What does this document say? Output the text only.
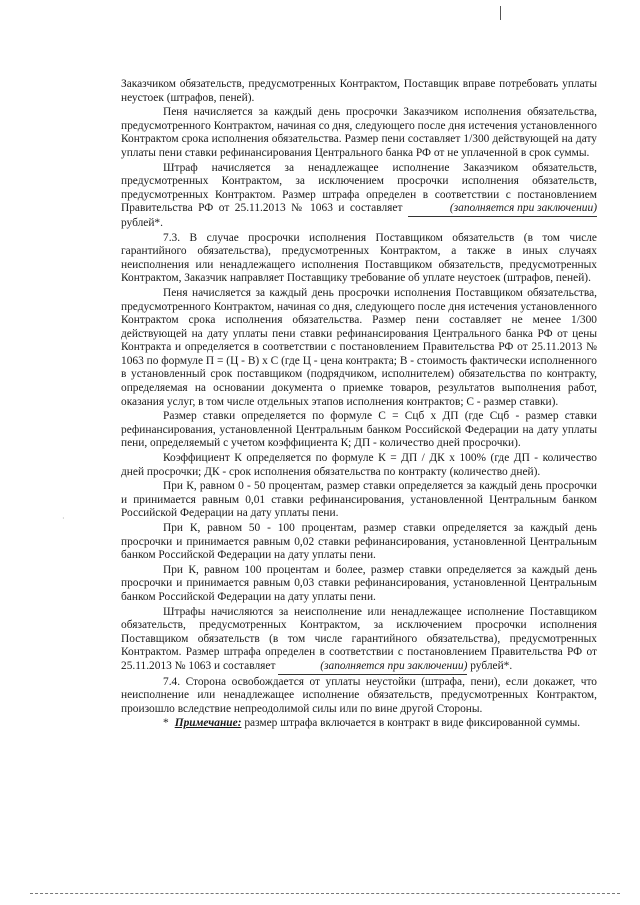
·

Заказчиком обязательств, предусмотренных Контрактом, Поставщик вправе потребовать уплаты неустоек (штрафов, пеней).

Пеня начисляется за каждый день просрочки Заказчиком исполнения обязательства, предусмотренного Контрактом, начиная со дня, следующего после дня истечения установленного Контрактом срока исполнения обязательства. Размер пени составляет 1/300 действующей на дату уплаты пени ставки рефинансирования Центрального банка РФ от не уплаченной в срок суммы.

Штраф начисляется за ненадлежащее исполнение Заказчиком обязательств, предусмотренных Контрактом, за исключением просрочки исполнения обязательств, предусмотренных Контрактом. Размер штрафа определен в соответствии с постановлением Правительства РФ от 25.11.2013 № 1063 и составляет	(заполняется при заключении) рублей*.

7.3. В случае просрочки исполнения Поставщиком обязательств (в том числе гарантийного обязательства), предусмотренных Контрактом, а также в иных случаях неисполнения или ненадлежащего исполнения Поставщиком обязательств, предусмотренных Контрактом, Заказчик направляет Поставщику требование об уплате неустоек (штрафов, пеней).

Пеня начисляется за каждый день просрочки исполнения Поставщиком обязательства, предусмотренного Контрактом, начиная со дня, следующего после дня истечения установленного Контрактом срока исполнения обязательства. Размер пени составляет не менее 1/300 действующей на дату уплаты пени ставки рефинансирования Центрального банка РФ от цены Контракта и определяется в соответствии с постановлением Правительства РФ от 25.11.2013 № 1063 по формуле П = (Ц - В) х С (где Ц - цена контракта; В - стоимость фактически исполненного в установленный срок поставщиком (подрядчиком, исполнителем) обязательства по контракту, определяемая на основании документа о приемке товаров, результатов выполнения работ, оказания услуг, в том числе отдельных этапов исполнения контрактов; С - размер ставки).

Размер ставки определяется по формуле С = Сцб х ДП (где Сцб - размер ставки рефинансирования, установленной Центральным банком Российской Федерации на дату уплаты пени, определяемый с учетом коэффициента К; ДП - количество дней просрочки).

Коэффициент К определяется по формуле К = ДП / ДК х 100% (где ДП - количество дней просрочки; ДК - срок исполнения обязательства по контракту (количество дней).

При К, равном 0 - 50 процентам, размер ставки определяется за каждый день просрочки и принимается равным 0,01 ставки рефинансирования, установленной Центральным банком Российской Федерации на дату уплаты пени.

При К, равном 50 - 100 процентам, размер ставки определяется за каждый день просрочки и принимается равным 0,02 ставки рефинансирования, установленной Центральным банком Российской Федерации на дату уплаты пени.

При К, равном 100 процентам и более, размер ставки определяется за каждый день просрочки и принимается равным 0,03 ставки рефинансирования, установленной Центральным банком Российской Федерации на дату уплаты пени.

Штрафы начисляются за неисполнение или ненадлежащее исполнение Поставщиком обязательств, предусмотренных Контрактом, за исключением просрочки исполнения Поставщиком обязательств (в том числе гарантийного обязательства), предусмотренных Контрактом. Размер штрафа определен в соответствии с постановлением Правительства РФ от 25.11.2013 № 1063 и составляет	(заполняется при заключении) рублей*.

7.4. Сторона освобождается от уплаты неустойки (штрафа, пени), если докажет, что неисполнение или ненадлежащее исполнение обязательств, предусмотренных Контрактом, произошло вследствие непреодолимой силы или по вине другой Стороны.

* Примечание: размер штрафа включается в контракт в виде фиксированной суммы.
